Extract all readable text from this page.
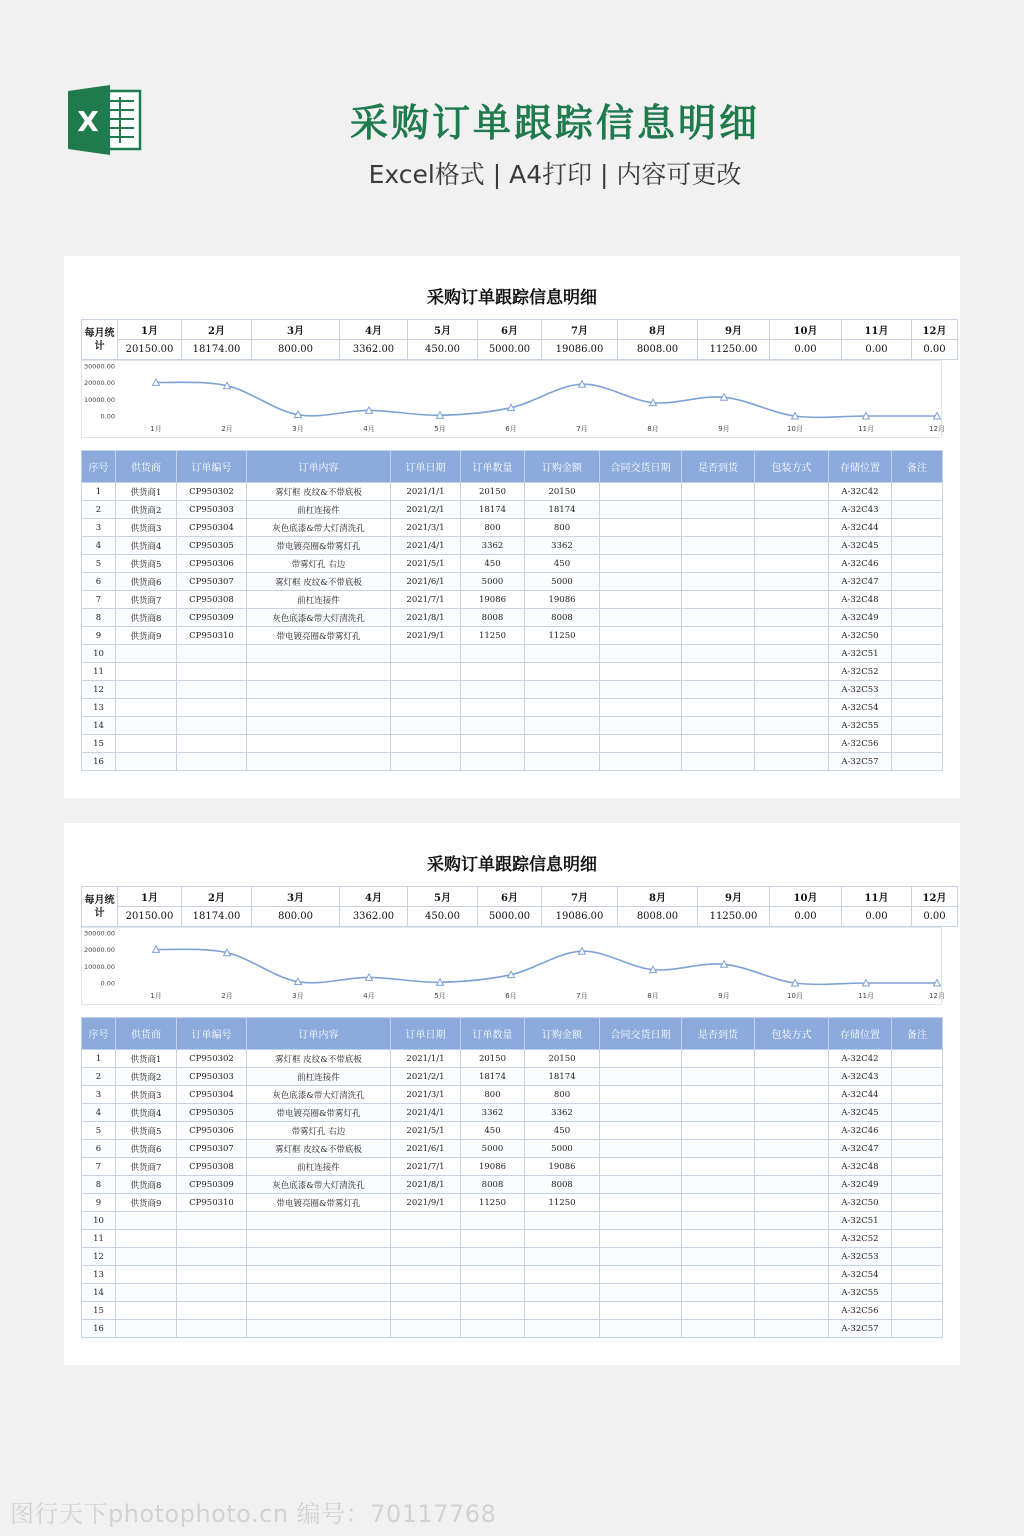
X	采购订单跟踪信息明细
Excel格式 | A4打印 | 内容可更改
采购订单跟踪信息明细
每月统计	1月	2月	3月	4月	5月	6月	7月	8月	9月	10月	11月	12月
	20150.00	18174.00	800.00	3362.00	450.00	5000.00	19086.00	8008.00	11250.00	0.00	0.00	0.00
30000.00
20000.00
10000.00
0.00
1月	2月	3月	4月	5月	6月	7月	8月	9月	10月	11月	12月
序号	供货商	订单编号	订单内容	订单日期	订单数量	订购金额	合同交货日期	是否到货	包装方式	存储位置	备注
1	供货商1	CP950302	雾灯框 皮纹&不带底板	2021/1/1	20150	20150				A-32C42	
2	供货商2	CP950303	前杠连接件	2021/2/1	18174	18174				A-32C43	
3	供货商3	CP950304	灰色底漆&带大灯清洗孔	2021/3/1	800	800				A-32C44	
4	供货商4	CP950305	带电镀亮圈&带雾灯孔	2021/4/1	3362	3362				A-32C45	
5	供货商5	CP950306	带雾灯孔 右边	2021/5/1	450	450				A-32C46	
6	供货商6	CP950307	雾灯框 皮纹&不带底板	2021/6/1	5000	5000				A-32C47	
7	供货商7	CP950308	前杠连接件	2021/7/1	19086	19086				A-32C48	
8	供货商8	CP950309	灰色底漆&带大灯清洗孔	2021/8/1	8008	8008				A-32C49	
9	供货商9	CP950310	带电镀亮圈&带雾灯孔	2021/9/1	11250	11250				A-32C50	
10										A-32C51	
11										A-32C52	
12										A-32C53	
13										A-32C54	
14										A-32C55	
15										A-32C56	
16										A-32C57	
采购订单跟踪信息明细
每月统计	1月	2月	3月	4月	5月	6月	7月	8月	9月	10月	11月	12月
	20150.00	18174.00	800.00	3362.00	450.00	5000.00	19086.00	8008.00	11250.00	0.00	0.00	0.00
30000.00
20000.00
10000.00
0.00
1月	2月	3月	4月	5月	6月	7月	8月	9月	10月	11月	12月
序号	供货商	订单编号	订单内容	订单日期	订单数量	订购金额	合同交货日期	是否到货	包装方式	存储位置	备注
1	供货商1	CP950302	雾灯框 皮纹&不带底板	2021/1/1	20150	20150				A-32C42	
2	供货商2	CP950303	前杠连接件	2021/2/1	18174	18174				A-32C43	
3	供货商3	CP950304	灰色底漆&带大灯清洗孔	2021/3/1	800	800				A-32C44	
4	供货商4	CP950305	带电镀亮圈&带雾灯孔	2021/4/1	3362	3362				A-32C45	
5	供货商5	CP950306	带雾灯孔 右边	2021/5/1	450	450				A-32C46	
6	供货商6	CP950307	雾灯框 皮纹&不带底板	2021/6/1	5000	5000				A-32C47	
7	供货商7	CP950308	前杠连接件	2021/7/1	19086	19086				A-32C48	
8	供货商8	CP950309	灰色底漆&带大灯清洗孔	2021/8/1	8008	8008				A-32C49	
9	供货商9	CP950310	带电镀亮圈&带雾灯孔	2021/9/1	11250	11250				A-32C50	
10										A-32C51	
11										A-32C52	
12										A-32C53	
13										A-32C54	
14										A-32C55	
15										A-32C56	
16										A-32C57	
图行天下photophoto.cn 编号：70117768
